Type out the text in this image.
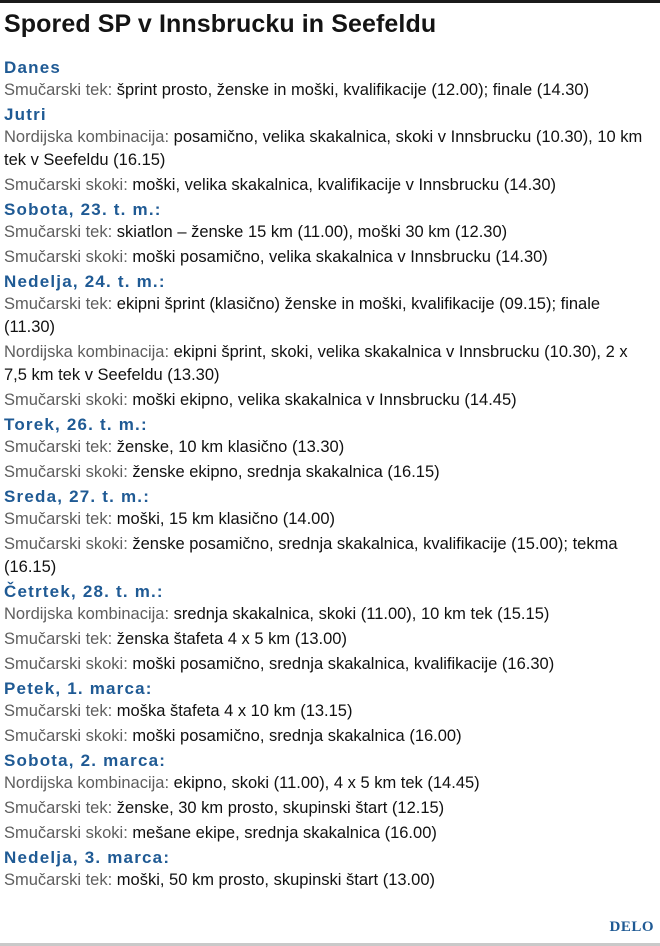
Spored SP v Innsbrucku in Seefeldu
Danes
Smučarski tek: šprint prosto, ženske in moški, kvalifikacije (12.00); finale (14.30)
Jutri
Nordijska kombinacija: posamično, velika skakalnica, skoki v Innsbrucku (10.30), 10 km tek v Seefeldu (16.15)
Smučarski skoki: moški, velika skakalnica, kvalifikacije v Innsbrucku (14.30)
Sobota, 23. t. m.:
Smučarski tek: skiatlon – ženske 15 km (11.00), moški 30 km (12.30)
Smučarski skoki: moški posamično, velika skakalnica v Innsbrucku (14.30)
Nedelja, 24. t. m.:
Smučarski tek: ekipni šprint (klasično) ženske in moški, kvalifikacije (09.15); finale (11.30)
Nordijska kombinacija: ekipni šprint, skoki, velika skakalnica v Innsbrucku (10.30), 2 x 7,5 km tek v Seefeldu (13.30)
Smučarski skoki: moški ekipno, velika skakalnica v Innsbrucku (14.45)
Torek, 26. t. m.:
Smučarski tek: ženske, 10 km klasično (13.30)
Smučarski skoki: ženske ekipno, srednja skakalnica (16.15)
Sreda, 27. t. m.:
Smučarski tek: moški, 15 km klasično (14.00)
Smučarski skoki: ženske posamično, srednja skakalnica, kvalifikacije (15.00); tekma (16.15)
Četrtek, 28. t. m.:
Nordijska kombinacija: srednja skakalnica, skoki (11.00), 10 km tek (15.15)
Smučarski tek: ženska štafeta 4 x 5 km (13.00)
Smučarski skoki: moški posamično, srednja skakalnica, kvalifikacije (16.30)
Petek, 1. marca:
Smučarski tek: moška štafeta 4 x 10 km (13.15)
Smučarski skoki: moški posamično, srednja skakalnica (16.00)
Sobota, 2. marca:
Nordijska kombinacija: ekipno, skoki (11.00), 4 x 5 km tek (14.45)
Smučarski tek: ženske, 30 km prosto, skupinski štart (12.15)
Smučarski skoki: mešane ekipe, srednja skakalnica (16.00)
Nedelja, 3. marca:
Smučarski tek: moški, 50 km prosto, skupinski štart (13.00)
DELO
